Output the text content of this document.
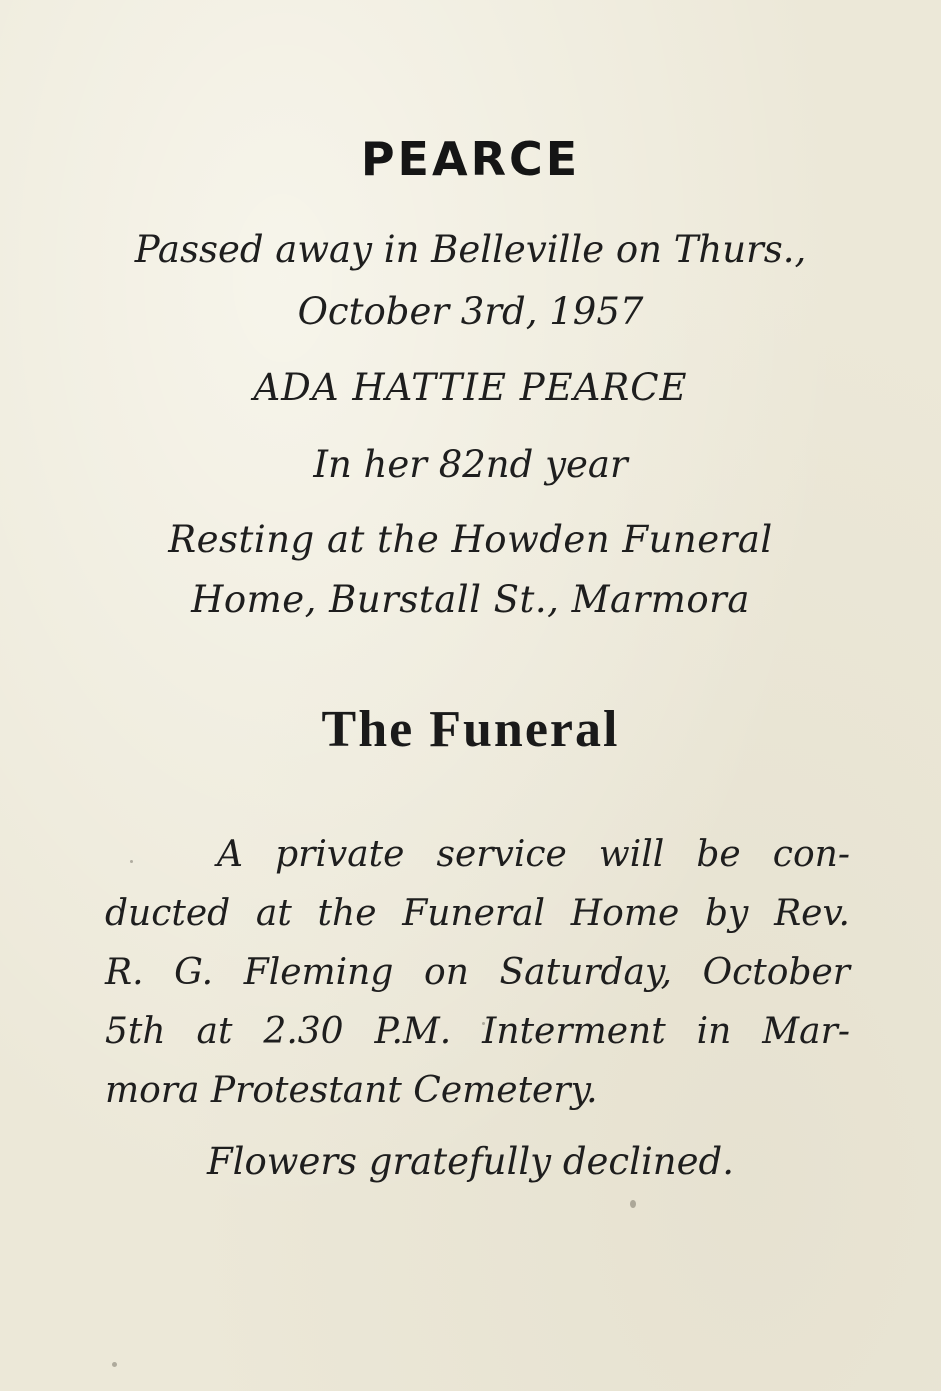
PEARCE
Passed away in Belleville on Thurs.,
October 3rd, 1957
ADA HATTIE PEARCE
In her 82nd year
Resting at the Howden Funeral
Home, Burstall St., Marmora
The Funeral
A private service will be con-
ducted at the Funeral Home by Rev.
R. G. Fleming on Saturday, October
5th at 2.30 P.M. Interment in Mar-
mora Protestant Cemetery.
Flowers gratefully declined.
